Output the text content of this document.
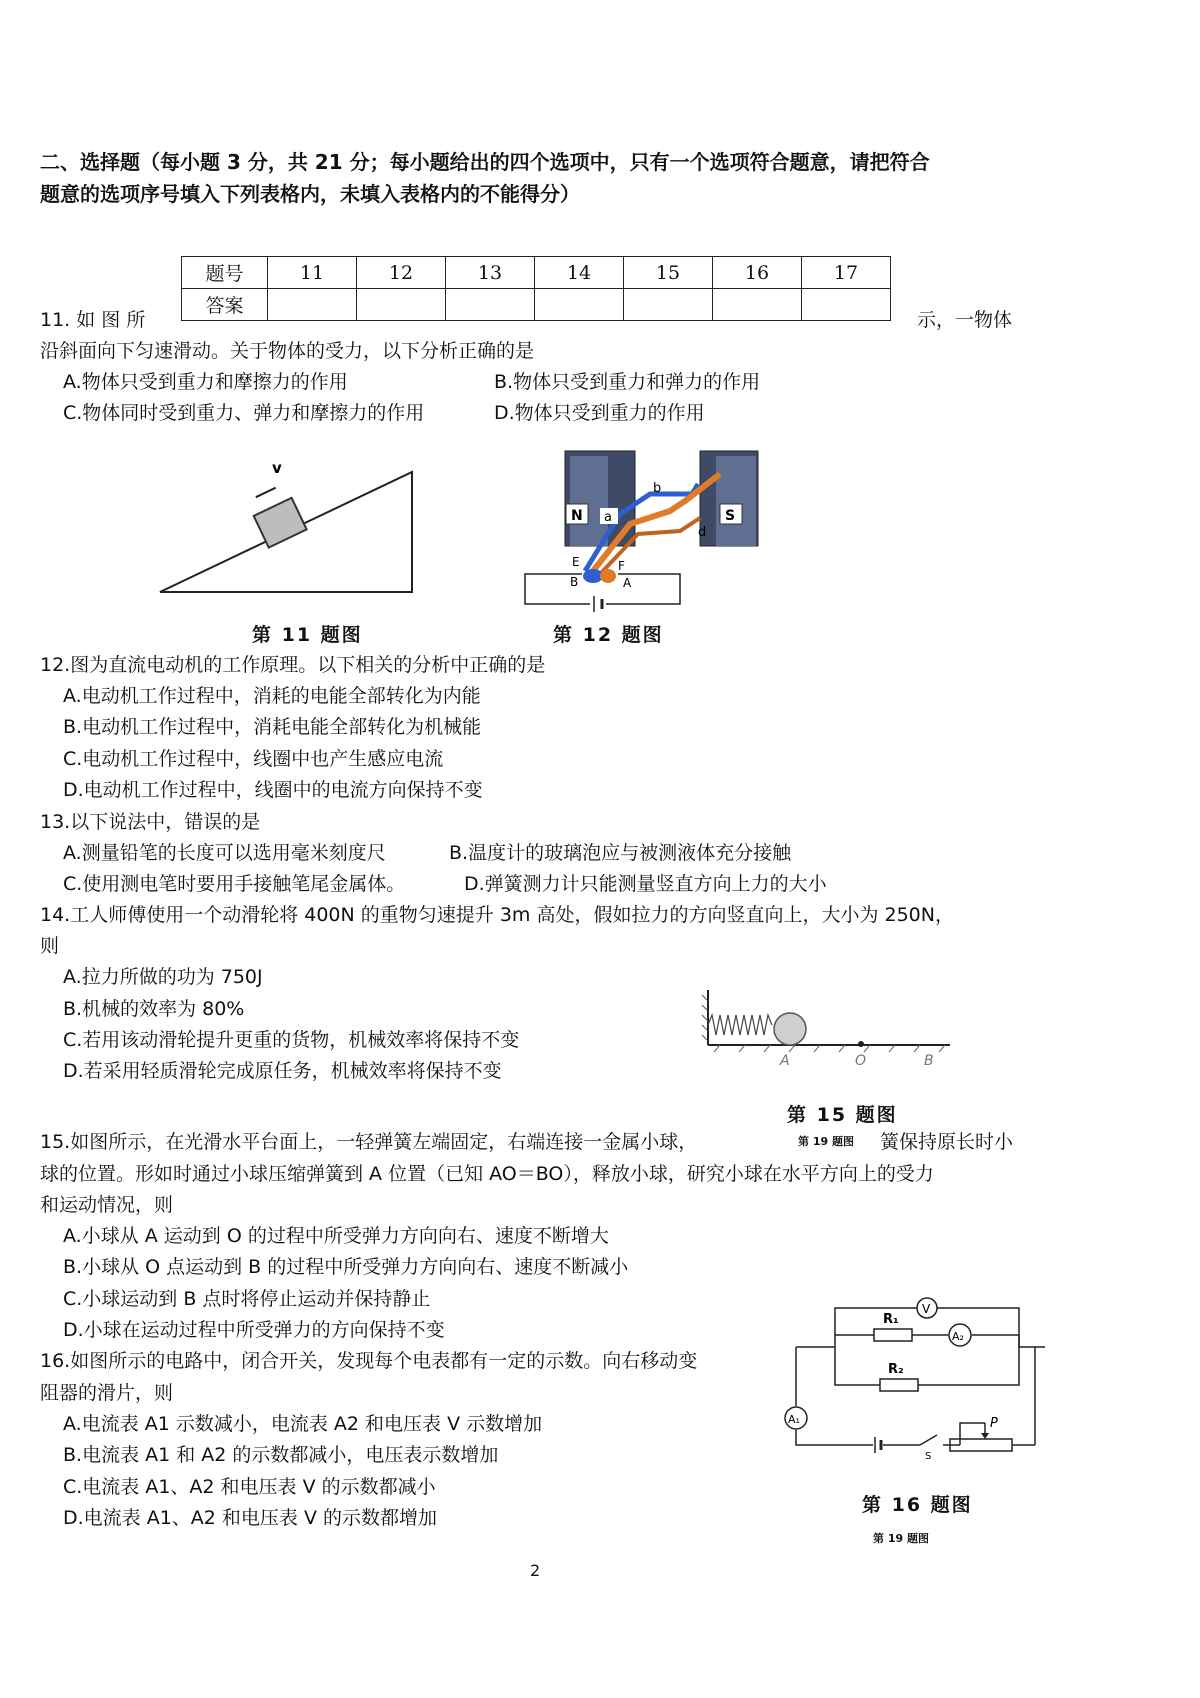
二、选择题（每小题 3 分，共 21 分；每小题给出的四个选项中，只有一个选项符合题意，请把符合
题意的选项序号填入下列表格内，未填入表格内的不能得分）
题号	11	12	13	14	15	16	17
答案							
11. 如 图 所	示，一物体
沿斜面向下匀速滑动。关于物体的受力，以下分析正确的是
A.物体只受到重力和摩擦力的作用	B.物体只受到重力和弹力的作用
C.物体同时受到重力、弹力和摩擦力的作用	D.物体只受到重力的作用
v
第 11 题图
N	S
a
b
d
E	F
B	A
第 12 题图
12.图为直流电动机的工作原理。以下相关的分析中正确的是
A.电动机工作过程中，消耗的电能全部转化为内能
B.电动机工作过程中，消耗电能全部转化为机械能
C.电动机工作过程中，线圈中也产生感应电流
D.电动机工作过程中，线圈中的电流方向保持不变
13.以下说法中，错误的是
A.测量铅笔的长度可以选用毫米刻度尺	B.温度计的玻璃泡应与被测液体充分接触
C.使用测电笔时要用手接触笔尾金属体。	D.弹簧测力计只能测量竖直方向上力的大小
14.工人师傅使用一个动滑轮将 400N 的重物匀速提升 3m 高处，假如拉力的方向竖直向上，大小为 250N，
则
A.拉力所做的功为 750J
B.机械的效率为 80%
C.若用该动滑轮提升更重的货物，机械效率将保持不变
D.若采用轻质滑轮完成原任务，机械效率将保持不变	A	O	B
第 15 题图
第 19 题图
15.如图所示，在光滑水平台面上，一轻弹簧左端固定，右端连接一金属小球，	簧保持原长时小
球的位置。形如时通过小球压缩弹簧到 A 位置（已知 AO＝BO），释放小球，研究小球在水平方向上的受力
和运动情况，则
A.小球从 A 运动到 O 的过程中所受弹力方向向右、速度不断增大
B.小球从 O 点运动到 B 的过程中所受弹力方向向右、速度不断减小
C.小球运动到 B 点时将停止运动并保持静止
D.小球在运动过程中所受弹力的方向保持不变
16.如图所示的电路中，闭合开关，发现每个电表都有一定的示数。向右移动变
阻器的滑片，则
A.电流表 A1 示数减小，电流表 A2 和电压表 V 示数增加
B.电流表 A1 和 A2 的示数都减小，电压表示数增加
C.电流表 A1、A2 和电压表 V 的示数都减小
D.电流表 A1、A2 和电压表 V 的示数都增加
V
A₂
A₁
R₁
R₂
S
P
第 16 题图
第 19 题图
2
